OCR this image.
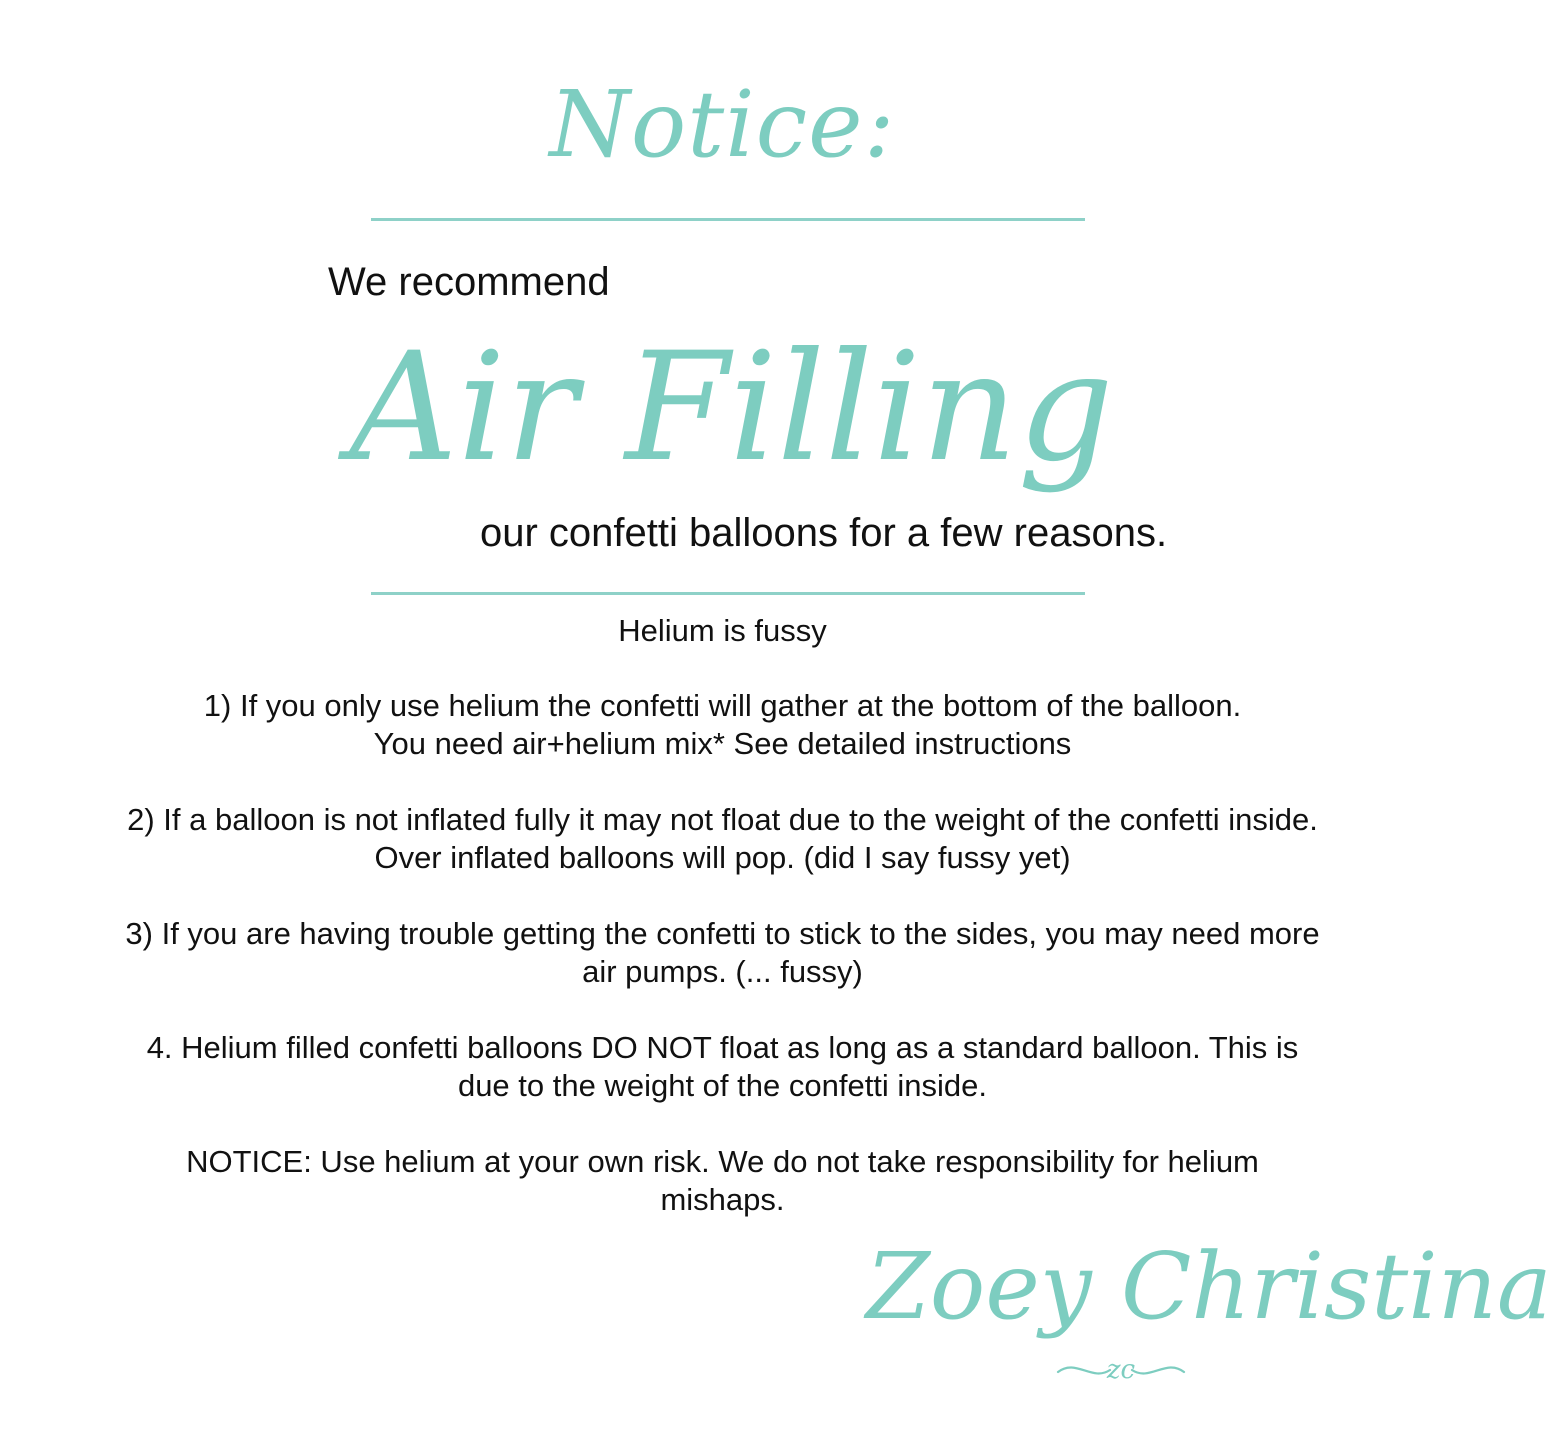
Notice:
We recommend
Air Filling
our confetti balloons for a few reasons.

Helium is fussy

1) If you only use helium the confetti will gather at the bottom of the balloon.
You need air+helium mix* See detailed instructions

2) If a balloon is not inflated fully it may not float due to the weight of the confetti inside.
Over inflated balloons will pop. (did I say fussy yet)

3) If you are having trouble getting the confetti to stick to the sides, you may need more
air pumps. (... fussy)

4. Helium filled confetti balloons DO NOT float as long as a standard balloon. This is
due to the weight of the confetti inside.

NOTICE: Use helium at your own risk. We do not take responsibility for helium
mishaps.

Zoey Christina
zc
